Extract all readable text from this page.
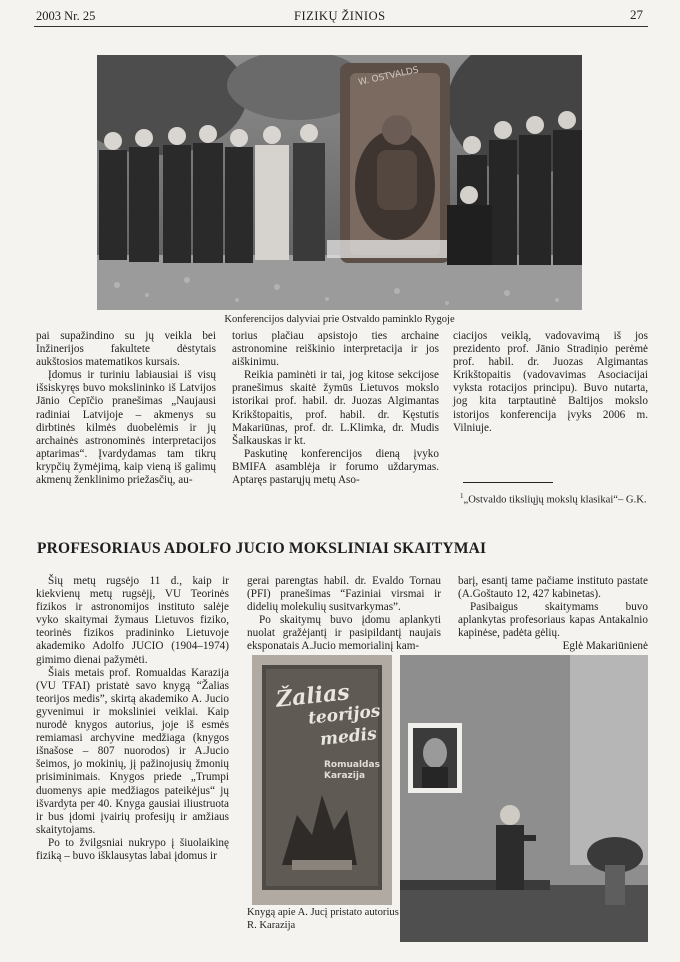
2003 Nr. 25	FIZIKŲ ŽINIOS	27
W. OSTVALDS
Konferencijos dalyviai prie Ostvaldo paminklo Rygoje

pai supažindino su jų veikla bei Inžinerijos fakultete dėstytais aukštosios matematikos kursais.

Įdomus ir turiniu labiausiai iš visų išsiskyręs buvo mokslininko iš Latvijos Jānio Cepīčio pranešimas „Naujausi radiniai Latvijoje – akmenys su dirbtinės kilmės duobelėmis ir jų archainės astronominės interpretacijos aptarimas“. Įvardydamas tam tikrų krypčių žymėjimą, kaip vieną iš galimų akmenų ženklinimo priežasčių, au-

torius plačiau apsistojo ties archaine astronomine reiškinio interpretacija ir jos aiškinimu.

Reikia paminėti ir tai, jog kitose sekcijose pranešimus skaitė žymūs Lietuvos mokslo istorikai prof. habil. dr. Juozas Algimantas Krikštopaitis, prof. habil. dr. Kęstutis Makariūnas, prof. dr. L.Klimka, dr. Mudis Šalkauskas ir kt.

Paskutinę konferencijos dieną įvyko BMIFA asamblėja ir forumo uždarymas. Aptaręs pastarųjų metų Aso-

ciacijos veiklą, vadovavimą iš jos prezidento prof. Jānio Stradiņio perėmė prof. habil. dr. Juozas Algimantas Krikštopaitis (vadovavimas Asociacijai vyksta rotacijos principu). Buvo nutarta, jog kita tarptautinė Baltijos mokslo istorijos konferencija įvyks 2006 m. Vilniuje.

$^1$„Ostvaldo tiksliųjų mokslų klasikai“– G.K.
PROFESORIAUS ADOLFO JUCIO MOKSLINIAI SKAITYMAI

Šių metų rugsėjo 11 d., kaip ir kiekvienų metų rugsėjį, VU Teorinės fizikos ir astronomijos instituto salėje vyko skaitymai žymaus Lietuvos fiziko, teorinės fizikos pradininko Lietuvoje akademiko Adolfo JUCIO (1904–1974) gimimo dienai pažymėti.

Šiais metais prof. Romualdas Karazija (VU TFAI) pristatė savo knygą “Žalias teorijos medis”, skirtą akademiko A. Jucio gyvenimui ir moksliniei veiklai. Kaip nurodė knygos autorius, joje iš esmės remiamasi archyvine medžiaga (knygos išnašose – 807 nuorodos) ir A.Jucio šeimos, jo mokinių, jį pažinojusių žmonių prisiminimais. Knygos priede „Trumpi duomenys apie medžiagos pateikėjus“ jų išvardyta per 40. Knyga gausiai iliustruota ir bus įdomi įvairių profesijų ir amžiaus skaitytojams.

Po to žvilgsniai nukrypo į šiuolaikinę fiziką – buvo išklausytas labai įdomus ir

gerai parengtas habil. dr. Evaldo Tornau (PFI) pranešimas “Faziniai virsmai ir didelių molekulių susitvarkymas”.

Po skaitymų buvo įdomu aplankyti nuolat gražėjantį ir pasipildantį naujais eksponatais A.Jucio memorialinį kam-

barį, esantį tame pačiame instituto pastate (A.Goštauto 12, 427 kabinetas).

Pasibaigus skaitymams buvo aplankytas profesoriaus kapas Antakalnio kapinėse, padėta gėlių.

Eglė Makariūnienė

Žalias
teorijos
medis
Romualdas
Karazija
Knygą apie A. Jucį pristato autorius R. Karazija
